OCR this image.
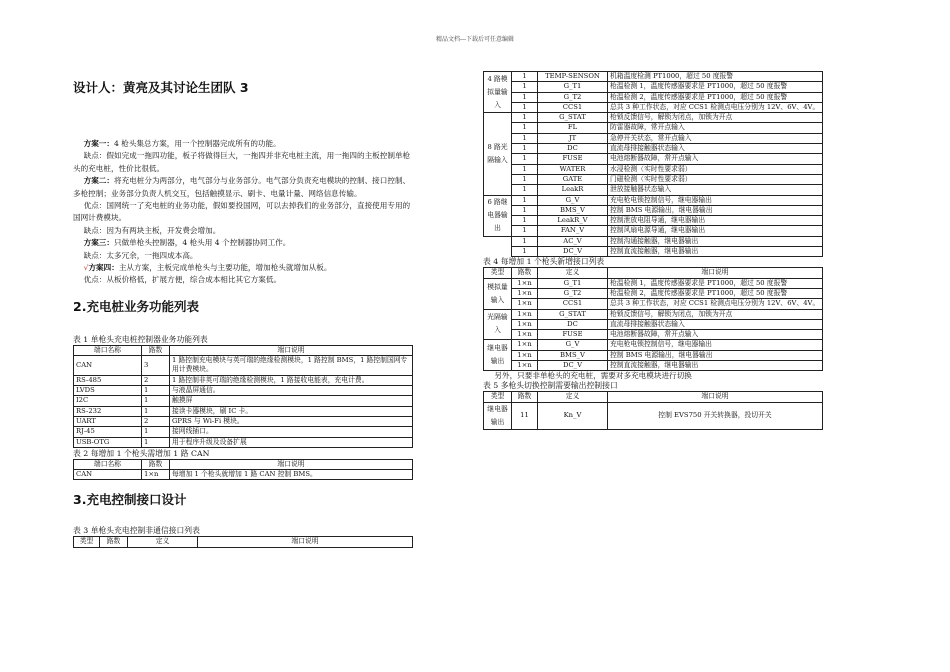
精品文档---下载后可任意编辑
设计人：黄亮及其讨论生团队 3

方案一：4 枪头集总方案，用一个控制器完成所有的功能。

缺点：假如完成一拖四功能，板子将做得巨大，一拖四并非充电桩主流，用一拖四的主板控制单枪头的充电桩，性价比很低。

方案二：将充电桩分为两部分，电气部分与业务部分。电气部分负责充电模块的控制、接口控制、多枪控制；业务部分负责人机交互，包括触摸显示、刷卡、电量计量、网络信息传输。

优点：国网统一了充电桩的业务功能，假如要投国网，可以去掉我们的业务部分，直接使用专用的国网计费模块。

缺点：因为有两块主板，开发费会增加。

方案三：只做单枪头控制器，4 枪头用 4 个控制器协同工作。

缺点：太多冗余，一拖四成本高。

√方案四：主从方案，主板完成单枪头与主要功能，增加枪头就增加从板。

优点：从板价格低，扩展方便，综合成本相比其它方案低。

2.充电桩业务功能列表
表 1 单枪头充电桩控制器业务功能列表
端口名称	路数	端口说明
CAN	3	1 路控制充电模块与英可瑞的绝缘检测模块，1 路控制 BMS，1 路控制国网专用计费模块。
RS-485	2	1 路控制非英可瑞的绝缘检测模块，1 路接收电能表，充电计费。
LVDS	1	与液晶屏通信。
I2C	1	触摸屏
RS-232	1	接读卡器模块，刷 IC 卡。
UART	2	GPRS 与 Wi-Fi 模块。
RJ-45	1	接网线插口。
USB-OTG	1	用于程序升级及设备扩展
表 2 每增加 1 个枪头需增加 1 路 CAN
端口名称	路数	端口说明
CAN	1×n	每增加 1 个枪头就增加 1 路 CAN 控制 BMS。
3.充电控制接口设计
表 3 单枪头充电控制非通信接口列表
类型	路数	定义	端口说明
4 路模拟量输入	1	TEMP-SENSON	机箱温度检测 PT1000，超过 50 度报警
	1	G_T1	枪温检测 1，温度传感器要求是 PT1000，超过 50 度报警
	1	G_T2	枪温检测 2，温度传感器要求是 PT1000，超过 50 度报警
	1	CCS1	总共 3 种工作状态，对应 CCS1 检测点电压分别为 12V、6V、4V。
8 路光隔输入	1	G_STAT	枪锁反馈信号，解锁为闭点，加锁为开点
	1	FL	防雷器故障，常开点输入
	1	JT	急停开关状态，常开点输入
	1	DC	直流母排接触器状态输入
	1	FUSE	电池熔断器故障，常开点输入
	1	WATER	水浸检测（实时性要求弱）
	1	GATE	门磁检测（实时性要求弱）
	1	LeakR	泄放接触器状态输入
6 路继电器输出	1	G_V	充电枪电锁控制信号，继电器输出
	1	BMS_V	控制 BMS 电源输出，继电器输出
	1	LeakR_V	控制泄放电阻导通，继电器输出
	1	FAN_V	控制风扇电源导通，继电器输出
	1	AC_V	控制沟通接触器，继电器输出
	1	DC_V	控制直流接触器，继电器输出
表 4 每增加 1 个枪头新增接口列表
类型	路数	定义	端口说明
模拟量输入	1×n	G_T1	枪温检测 1，温度传感器要求是 PT1000，超过 50 度报警
	1×n	G_T2	枪温检测 2，温度传感器要求是 PT1000，超过 50 度报警
	1×n	CCS1	总共 3 种工作状态，对应 CCS1 检测点电压分别为 12V、6V、4V。
光隔输入	1×n	G_STAT	枪锁反馈信号，解锁为闭点，加锁为开点
	1×n	DC	直流母排接触器状态输入
	1×n	FUSE	电池熔断器故障，常开点输入
继电器输出	1×n	G_V	充电枪电锁控制信号，继电器输出
	1×n	BMS_V	控制 BMS 电源输出，继电器输出
	1×n	DC_V	控制直流接触器，继电器输出
另外，只要非单枪头的充电桩，需要对多充电模块进行切换
表 5 多枪头切换控制需要输出控制接口
类型	路数	定义	端口说明
继电器输出	11	Kn_V	控制 EVS750 开关转换器，投切开关
